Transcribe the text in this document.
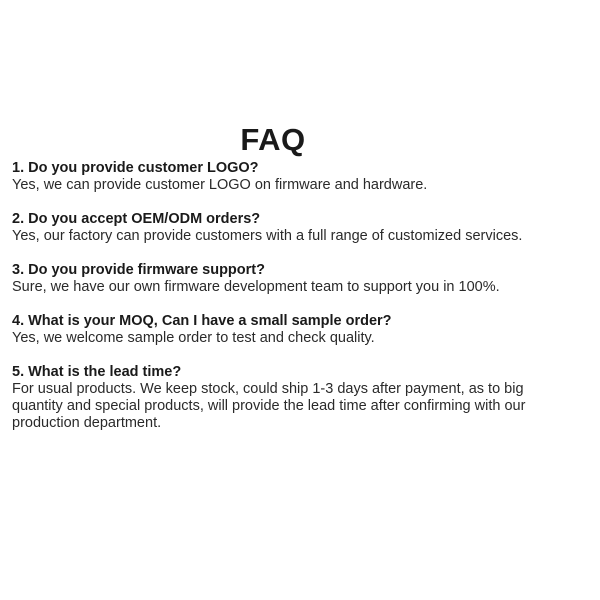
FAQ
1. Do you provide customer LOGO?
Yes, we can provide customer LOGO on firmware and hardware.
2. Do you accept OEM/ODM orders?
Yes, our factory can provide customers with a full range of customized services.
3. Do you provide firmware support?
Sure, we have our own firmware development team to support you in 100%.
4. What is your MOQ, Can I have a small sample order?
Yes, we welcome sample order to test and check quality.
5. What is the lead time?
For usual products. We keep stock, could ship 1-3 days after payment, as to big quantity and special products, will provide the lead time after confirming with our production department.
